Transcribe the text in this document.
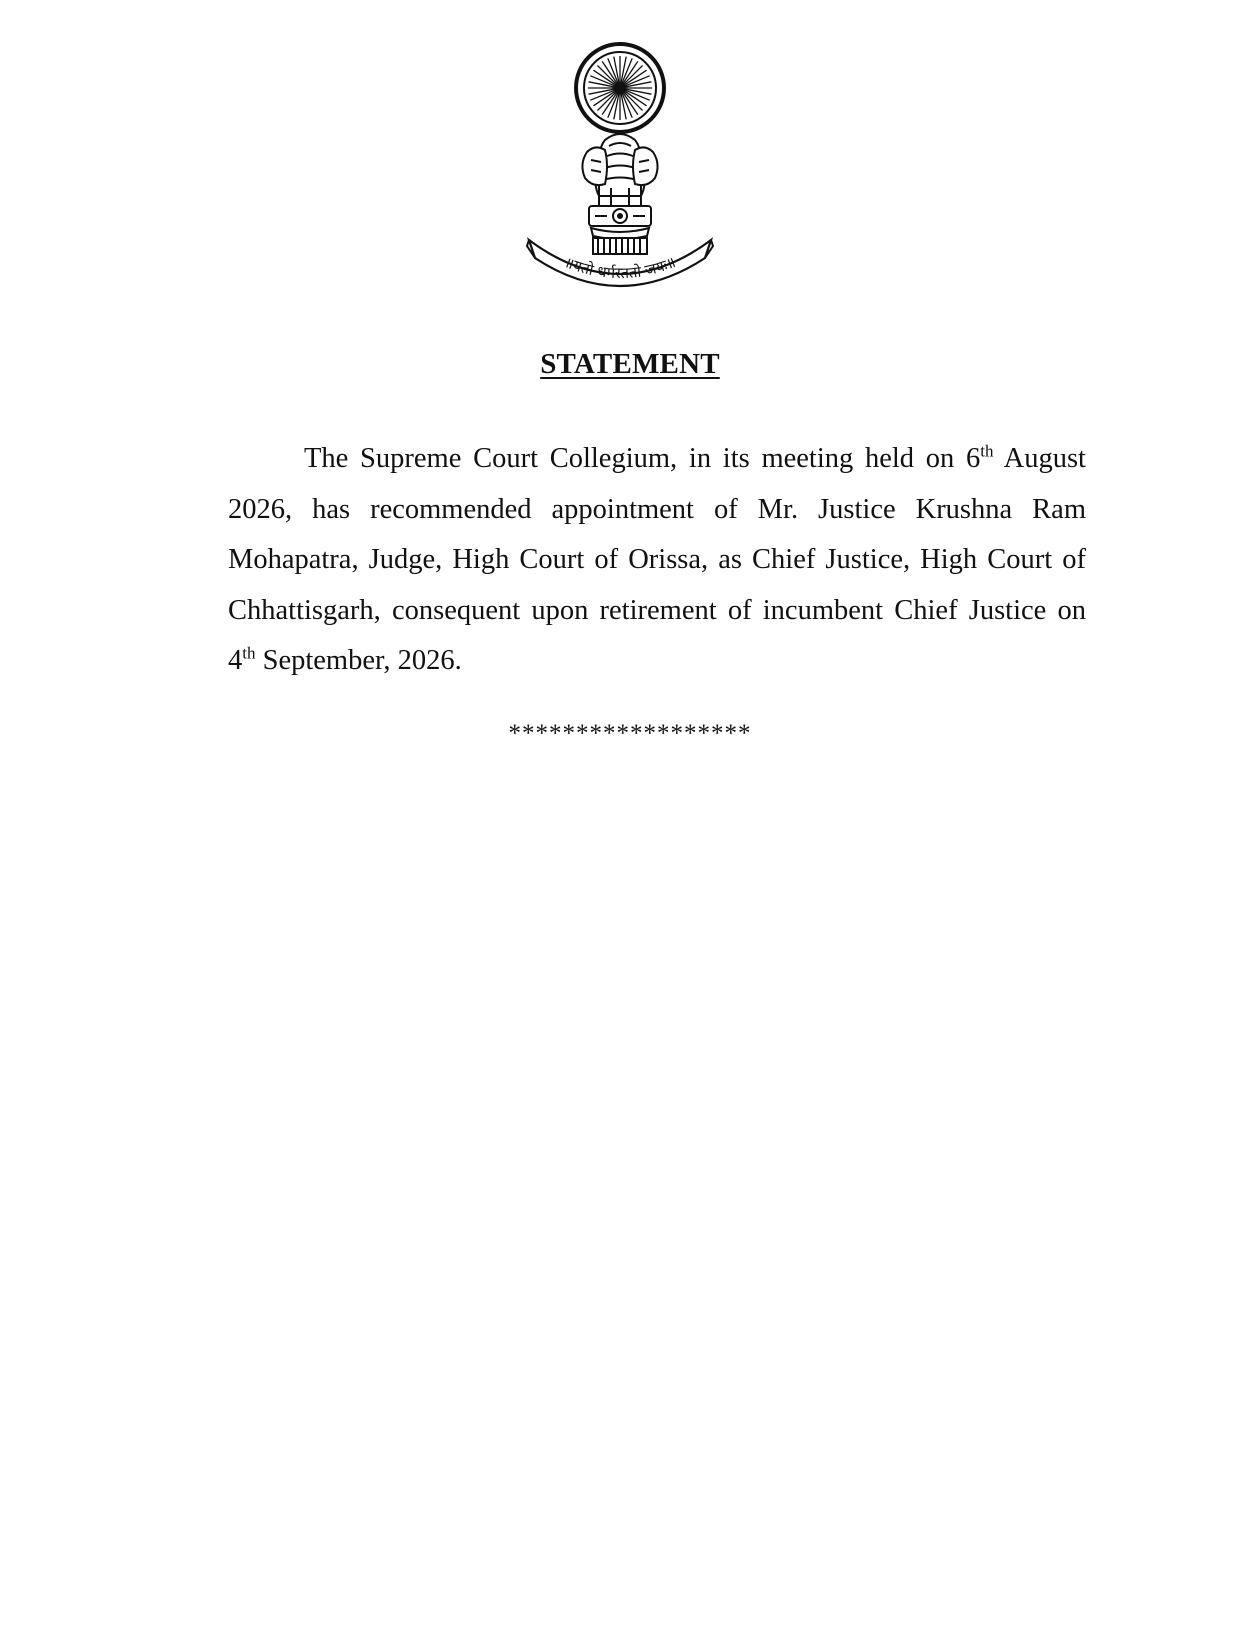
॥यतो धर्मस्ततो जयः॥
STATEMENT

The Supreme Court Collegium, in its meeting held on 6th August 2026, has recommended appointment of Mr. Justice Krushna Ram Mohapatra, Judge, High Court of Orissa, as Chief Justice, High Court of Chhattisgarh, consequent upon retirement of incumbent Chief Justice on 4th September, 2026.

******************
